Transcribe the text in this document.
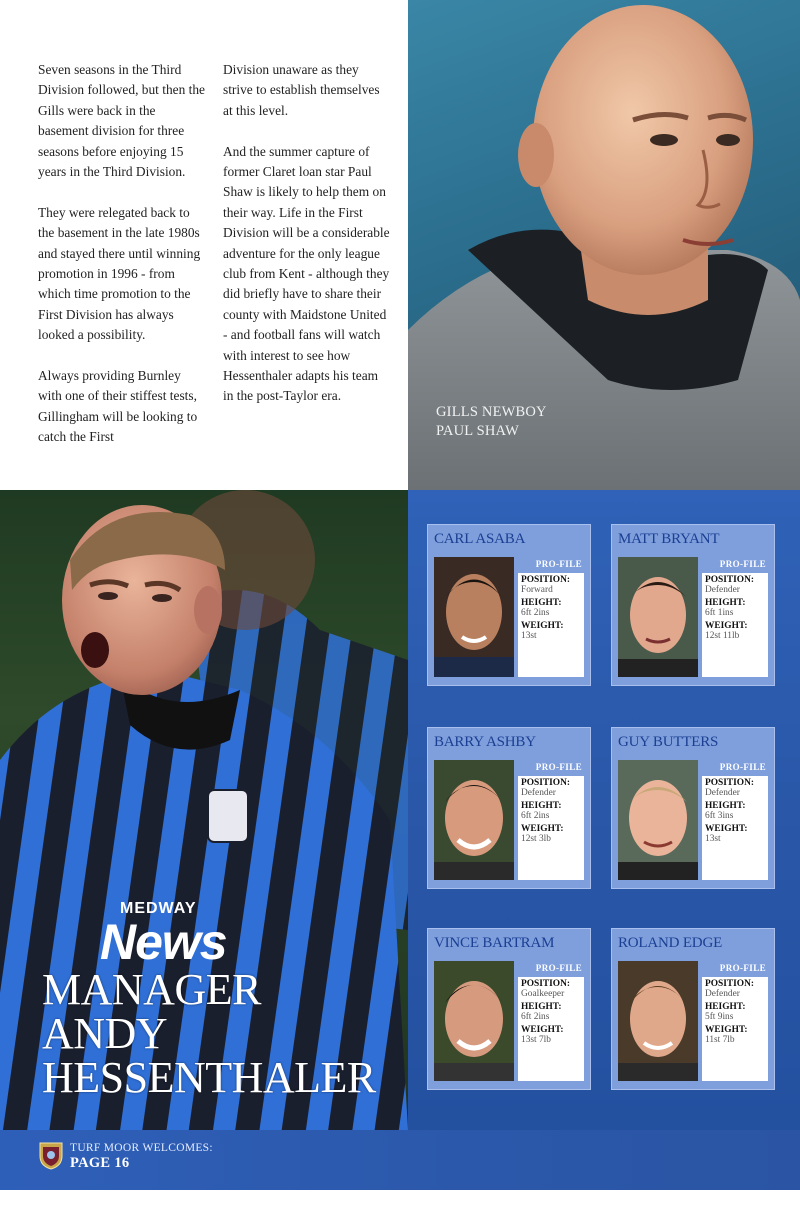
Seven seasons in the Third Division followed, but then the Gills were back in the basement division for three seasons before enjoying 15 years in the Third Division.

They were relegated back to the basement in the late 1980s and stayed there until winning promotion in 1996 - from which time promotion to the First Division has always looked a possibility.

Always providing Burnley with one of their stiffest tests, Gillingham will be looking to catch the First

Division unaware as they strive to establish themselves at this level.

And the summer capture of former Claret loan star Paul Shaw is likely to help them on their way. Life in the First Division will be a considerable adventure for the only league club from Kent - although they did briefly have to share their county with Maidstone United - and football fans will watch with interest to see how Hessenthaler adapts his team in the post-Taylor era.

GILLS NEWBOY
PAUL SHAW
MEDWAY
News
MANAGER
ANDY
HESSENTHALER
CARL ASABA
PRO-FILE
POSITION:
Forward
HEIGHT:
6ft 2ins
WEIGHT:
13st
MATT BRYANT
PRO-FILE
POSITION:
Defender
HEIGHT:
6ft 1ins
WEIGHT:
12st 11lb
BARRY ASHBY
PRO-FILE
POSITION:
Defender
HEIGHT:
6ft 2ins
WEIGHT:
12st 3lb
GUY BUTTERS
PRO-FILE
POSITION:
Defender
HEIGHT:
6ft 3ins
WEIGHT:
13st
VINCE BARTRAM
PRO-FILE
POSITION:
Goalkeeper
HEIGHT:
6ft 2ins
WEIGHT:
13st 7lb
ROLAND EDGE
PRO-FILE
POSITION:
Defender
HEIGHT:
5ft 9ins
WEIGHT:
11st 7lb
TURF MOOR WELCOMES:
PAGE 16
